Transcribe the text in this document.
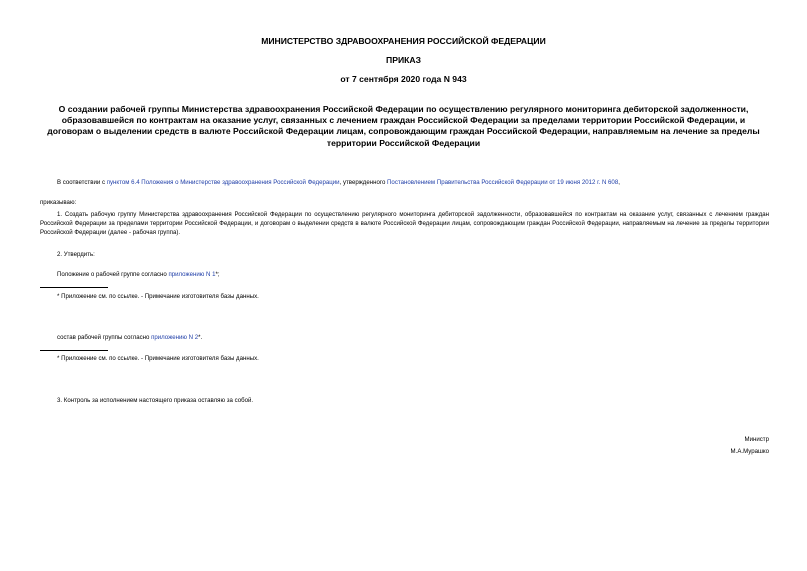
МИНИСТЕРСТВО ЗДРАВООХРАНЕНИЯ РОССИЙСКОЙ ФЕДЕРАЦИИ
ПРИКАЗ
от 7 сентября 2020 года N 943
О создании рабочей группы Министерства здравоохранения Российской Федерации по осуществлению регулярного мониторинга дебиторской задолженности, образовавшейся по контрактам на оказание услуг, связанных с лечением граждан Российской Федерации за пределами территории Российской Федерации, и договорам о выделении средств в валюте Российской Федерации лицам, сопровождающим граждан Российской Федерации, направляемым на лечение за пределы территории Российской Федерации
В соответствии с пунктом 6.4 Положения о Министерстве здравоохранения Российской Федерации, утвержденного Постановлением Правительства Российской Федерации от 19 июня 2012 г. N 608,
приказываю:
1. Создать рабочую группу Министерства здравоохранения Российской Федерации по осуществлению регулярного мониторинга дебиторской задолженности, образовавшейся по контрактам на оказание услуг, связанных с лечением граждан Российской Федерации за пределами территории Российской Федерации, и договорам о выделении средств в валюте Российской Федерации лицам, сопровождающим граждан Российской Федерации, направляемым на лечение за пределы территории Российской Федерации (далее - рабочая группа).
2. Утвердить:
Положение о рабочей группе согласно приложению N 1*;
* Приложение см. по ссылке. - Примечание изготовителя базы данных.
состав рабочей группы согласно приложению N 2*.
* Приложение см. по ссылке. - Примечание изготовителя базы данных.
3. Контроль за исполнением настоящего приказа оставляю за собой.
Министр
М.А.Мурашко
